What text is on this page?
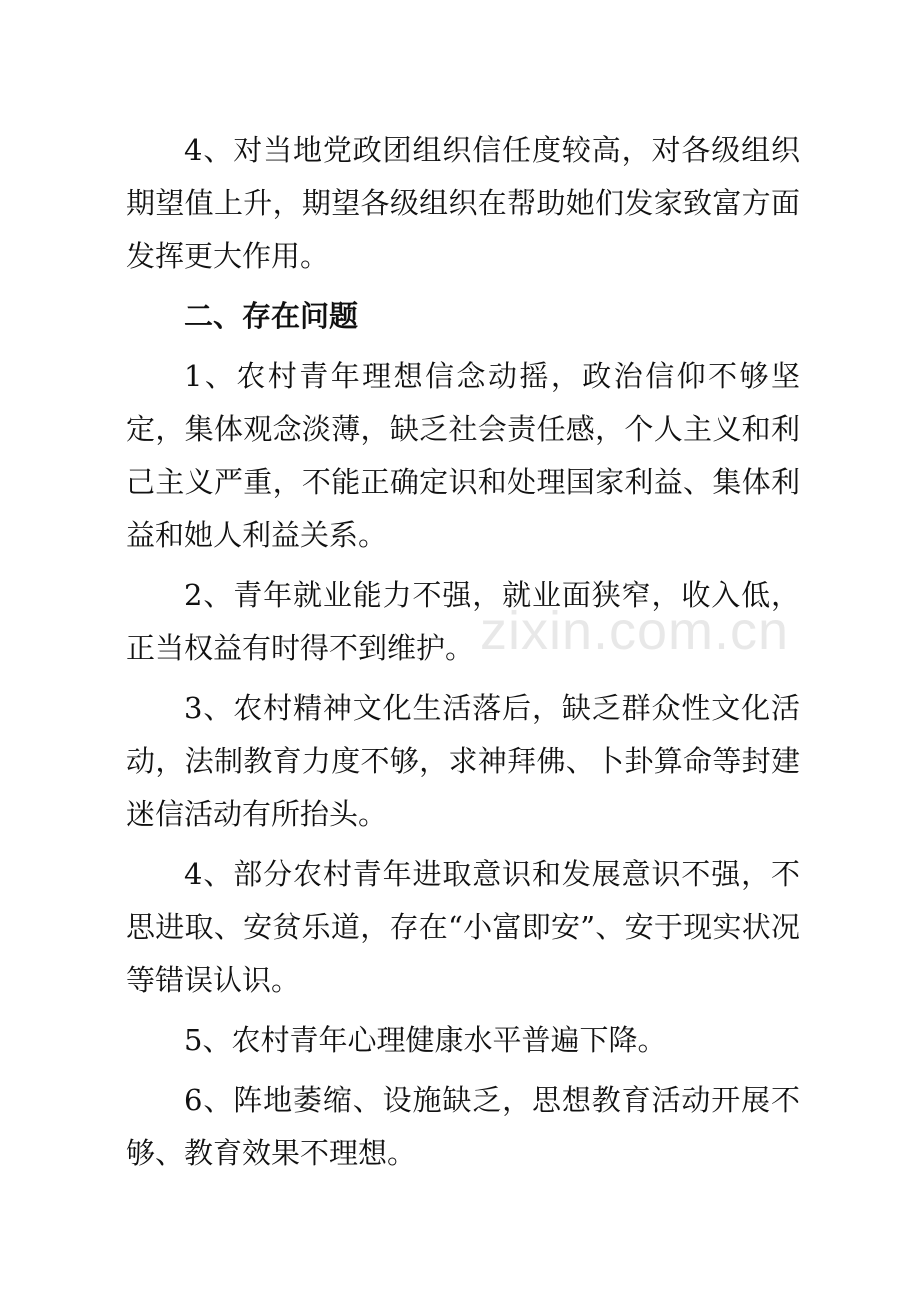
4、对当地党政团组织信任度较高，对各级组织期望值上升，期望各级组织在帮助她们发家致富方面发挥更大作用。

二、存在问题

1、农村青年理想信念动摇，政治信仰不够坚定，集体观念淡薄，缺乏社会责任感，个人主义和利己主义严重，不能正确定识和处理国家利益、集体利益和她人利益关系。

2、青年就业能力不强，就业面狭窄，收入低，正当权益有时得不到维护。

3、农村精神文化生活落后，缺乏群众性文化活动，法制教育力度不够，求神拜佛、卜卦算命等封建迷信活动有所抬头。

4、部分农村青年进取意识和发展意识不强，不思进取、安贫乐道，存在“小富即安”、安于现实状况等错误认识。

5、农村青年心理健康水平普遍下降。

6、阵地萎缩、设施缺乏，思想教育活动开展不够、教育效果不理想。

zixin.com.cn
